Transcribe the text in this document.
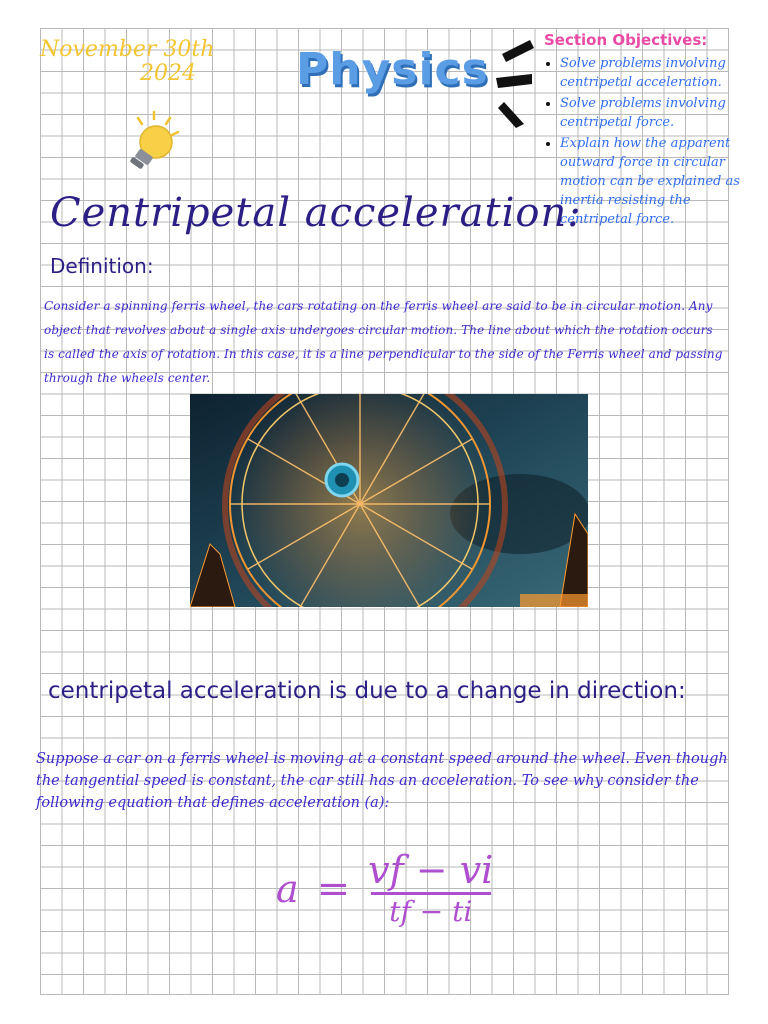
November 30th
2024	Physics
Section Objectives:
• Solve problems involving centripetal acceleration.
• Solve problems involving centripetal force.
• Explain how the apparent outward force in circular motion can be explained as inertia resisting the centripetal force.
Centripetal acceleration:
Definition:
Consider a spinning ferris wheel, the cars rotating on the ferris wheel are said to be in circular motion. Any object that revolves about a single axis undergoes circular motion. The line about which the rotation occurs is called the axis of rotation. In this case, it is a line perpendicular to the side of the Ferris wheel and passing through the wheels center.
centripetal acceleration is due to a change in direction:
Suppose a car on a ferris wheel is moving at a constant speed around the wheel. Even though the tangential speed is constant, the car still has an acceleration. To see why consider the following equation that defines acceleration (a):
$a = \frac{vf - vi}{tf - ti}$
